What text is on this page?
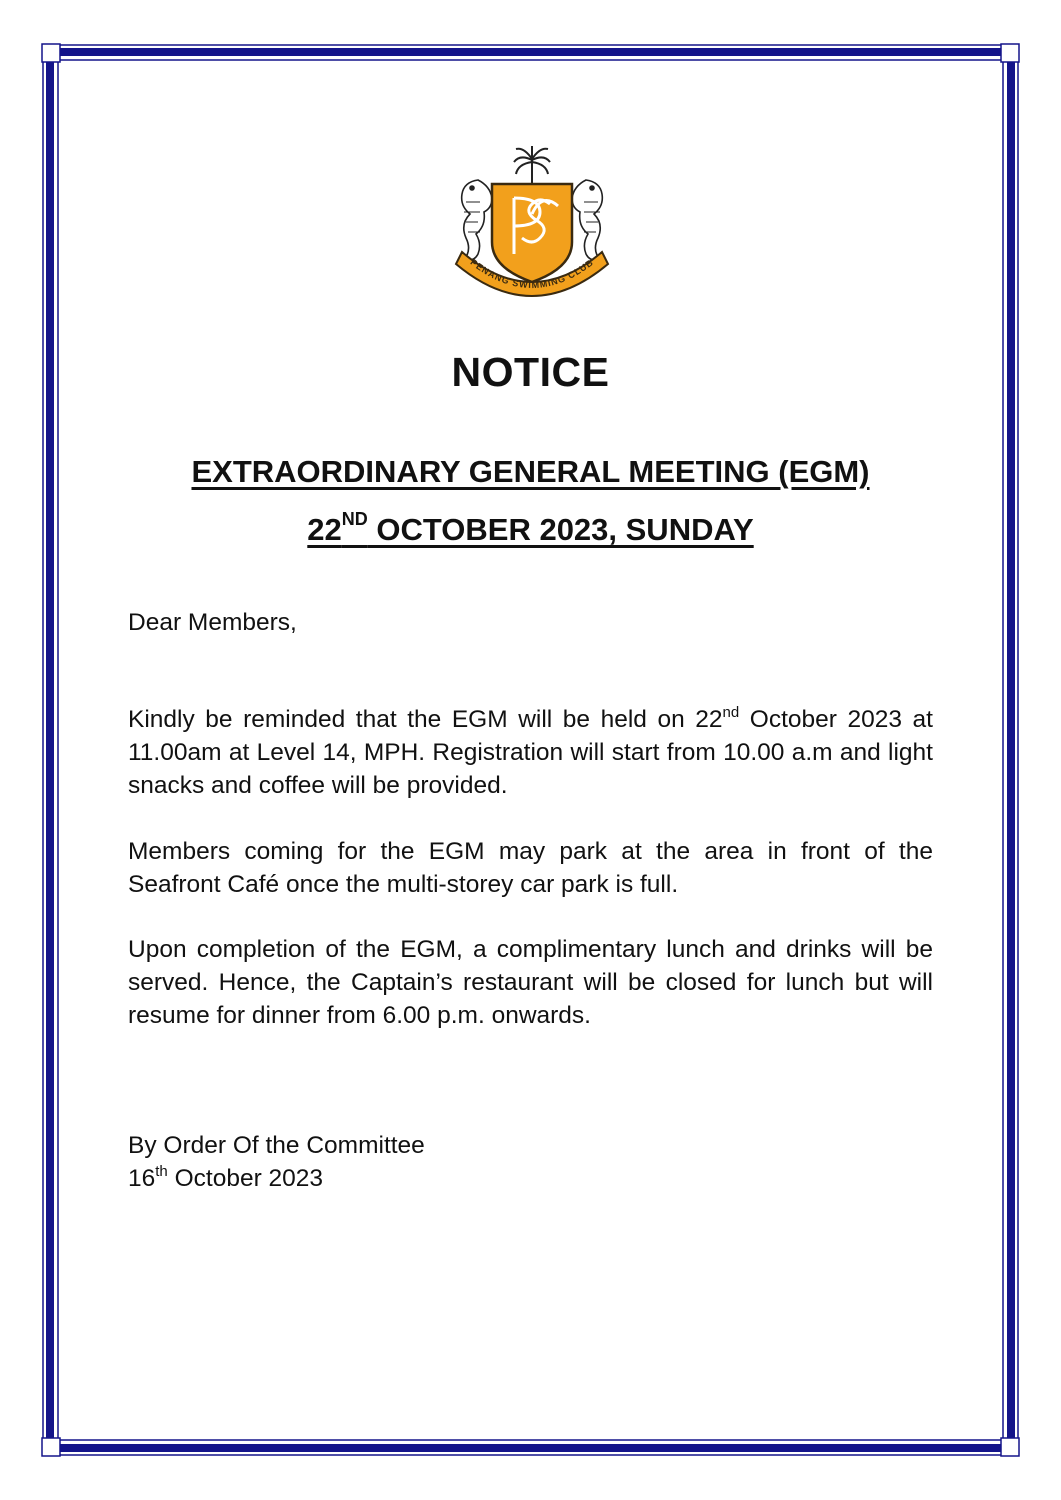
PENANG SWIMMING CLUB
NOTICE
EXTRAORDINARY GENERAL MEETING (EGM)
22ND OCTOBER 2023, SUNDAY
Dear Members,
Kindly be reminded that the EGM will be held on 22nd October 2023 at 11.00am at Level 14, MPH. Registration will start from 10.00 a.m and light snacks and coffee will be provided.
Members coming for the EGM may park at the area in front of the Seafront Café once the multi-storey car park is full.
Upon completion of the EGM, a complimentary lunch and drinks will be served. Hence, the Captain’s restaurant will be closed for lunch but will resume for dinner from 6.00 p.m. onwards.
By Order Of the Committee
16th October 2023
